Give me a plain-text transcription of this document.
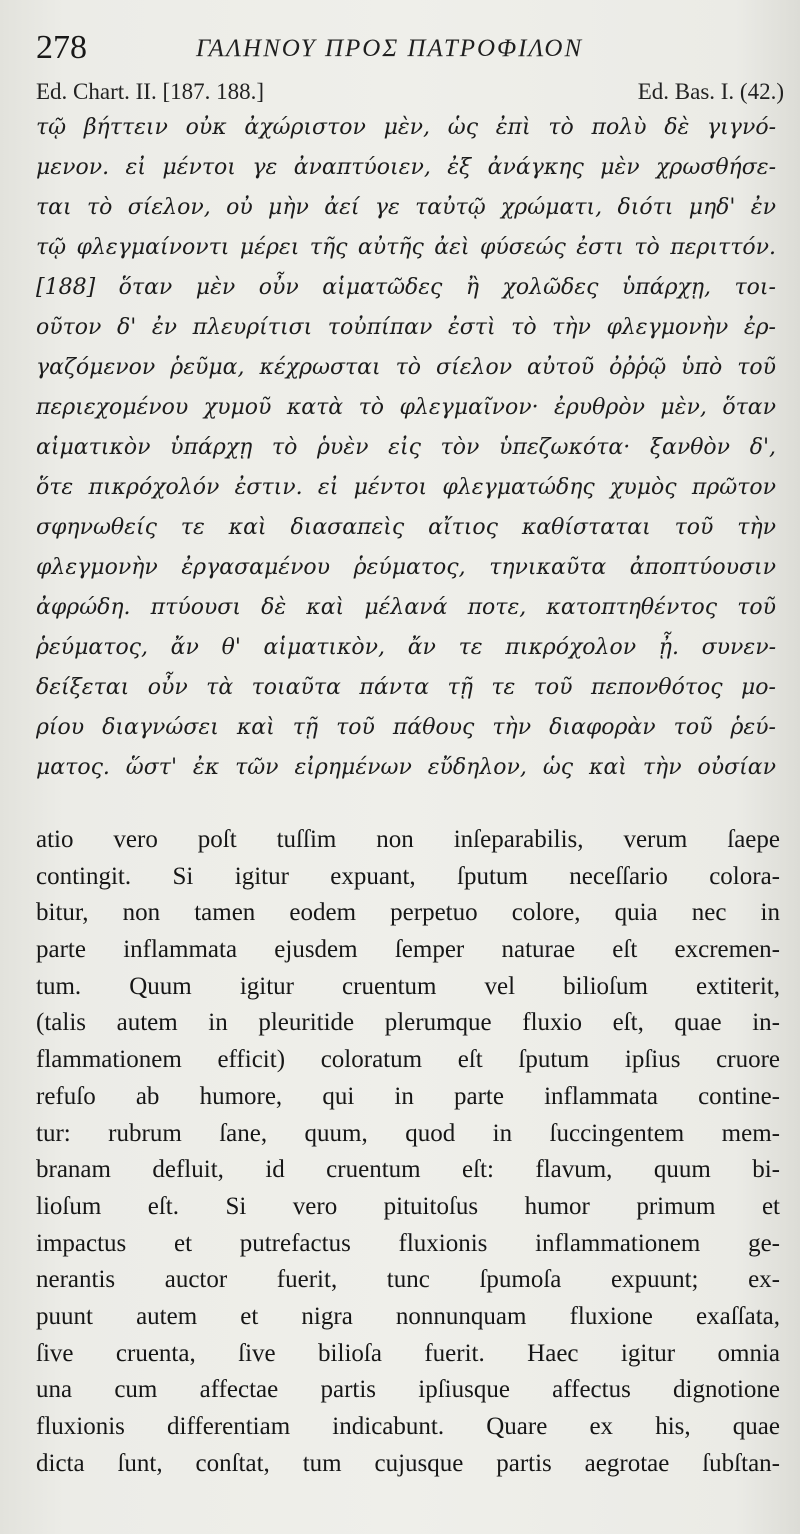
278	ΓΑΛΗΝΟΥ ΠΡΟΣ ΠΑΤΡΟΦΙΛΟΝ
Ed. Chart. II. [187. 188.]	Ed. Bas. I. (42.)
τῷ βήττειν οὐκ ἀχώριστον μὲν, ὡς ἐπὶ τὸ πολὺ δὲ γιγνό-
μενον. εἰ μέντοι γε ἀναπτύοιεν, ἐξ ἀνάγκης μὲν χρωσθήσε-
ται τὸ σίελον, οὐ μὴν ἀεί γε ταὐτῷ χρώματι, διότι μηδ' ἐν
τῷ φλεγμαίνοντι μέρει τῆς αὐτῆς ἀεὶ φύσεώς ἐστι τὸ περιττόν.
[188] ὅταν μὲν οὖν αἱματῶδες ἢ χολῶδες ὑπάρχῃ, τοι-
οῦτον δ' ἐν πλευρίτισι τοὐπίπαν ἐστὶ τὸ τὴν φλεγμονὴν ἐρ-
γαζόμενον ῥεῦμα, κέχρωσται τὸ σίελον αὐτοῦ ὀῤῥῷ ὑπὸ τοῦ
περιεχομένου χυμοῦ κατὰ τὸ φλεγμαῖνον· ἐρυθρὸν μὲν, ὅταν
αἱματικὸν ὑπάρχῃ τὸ ῥυὲν εἰς τὸν ὑπεζωκότα· ξανθὸν δ',
ὅτε πικρόχολόν ἐστιν. εἰ μέντοι φλεγματώδης χυμὸς πρῶτον
σφηνωθείς τε καὶ διασαπεὶς αἴτιος καθίσταται τοῦ τὴν
φλεγμονὴν ἐργασαμένου ῥεύματος, τηνικαῦτα ἀποπτύουσιν
ἀφρώδη. πτύουσι δὲ καὶ μέλανά ποτε, κατοπτηθέντος τοῦ
ῥεύματος, ἄν θ' αἱματικὸν, ἄν τε πικρόχολον ᾖ. συνεν-
δείξεται οὖν τὰ τοιαῦτα πάντα τῇ τε τοῦ πεπονθότος μο-
ρίου διαγνώσει καὶ τῇ τοῦ πάθους τὴν διαφορὰν τοῦ ῥεύ-
ματος. ὥστ' ἐκ τῶν εἰρημένων εὔδηλον, ὡς καὶ τὴν οὐσίαν
atio vero poſt tuſſim non inſeparabilis, verum ſaepe
contingit. Si igitur expuant, ſputum neceſſario colora-
bitur, non tamen eodem perpetuo colore, quia nec in
parte inflammata ejusdem ſemper naturae eſt excremen-
tum. Quum igitur cruentum vel bilioſum extiterit,
(talis autem in pleuritide plerumque fluxio eſt, quae in-
flammationem efficit) coloratum eſt ſputum ipſius cruore
refuſo ab humore, qui in parte inflammata contine-
tur: rubrum ſane, quum, quod in ſuccingentem mem-
branam defluit, id cruentum eſt: flavum, quum bi-
lioſum eſt. Si vero pituitoſus humor primum et
impactus et putrefactus fluxionis inflammationem ge-
nerantis auctor fuerit, tunc ſpumoſa expuunt; ex-
puunt autem et nigra nonnunquam fluxione exaſſata,
ſive cruenta, ſive bilioſa fuerit. Haec igitur omnia
una cum affectae partis ipſiusque affectus dignotione
fluxionis differentiam indicabunt. Quare ex his, quae
dicta ſunt, conſtat, tum cujusque partis aegrotae ſubſtan-
